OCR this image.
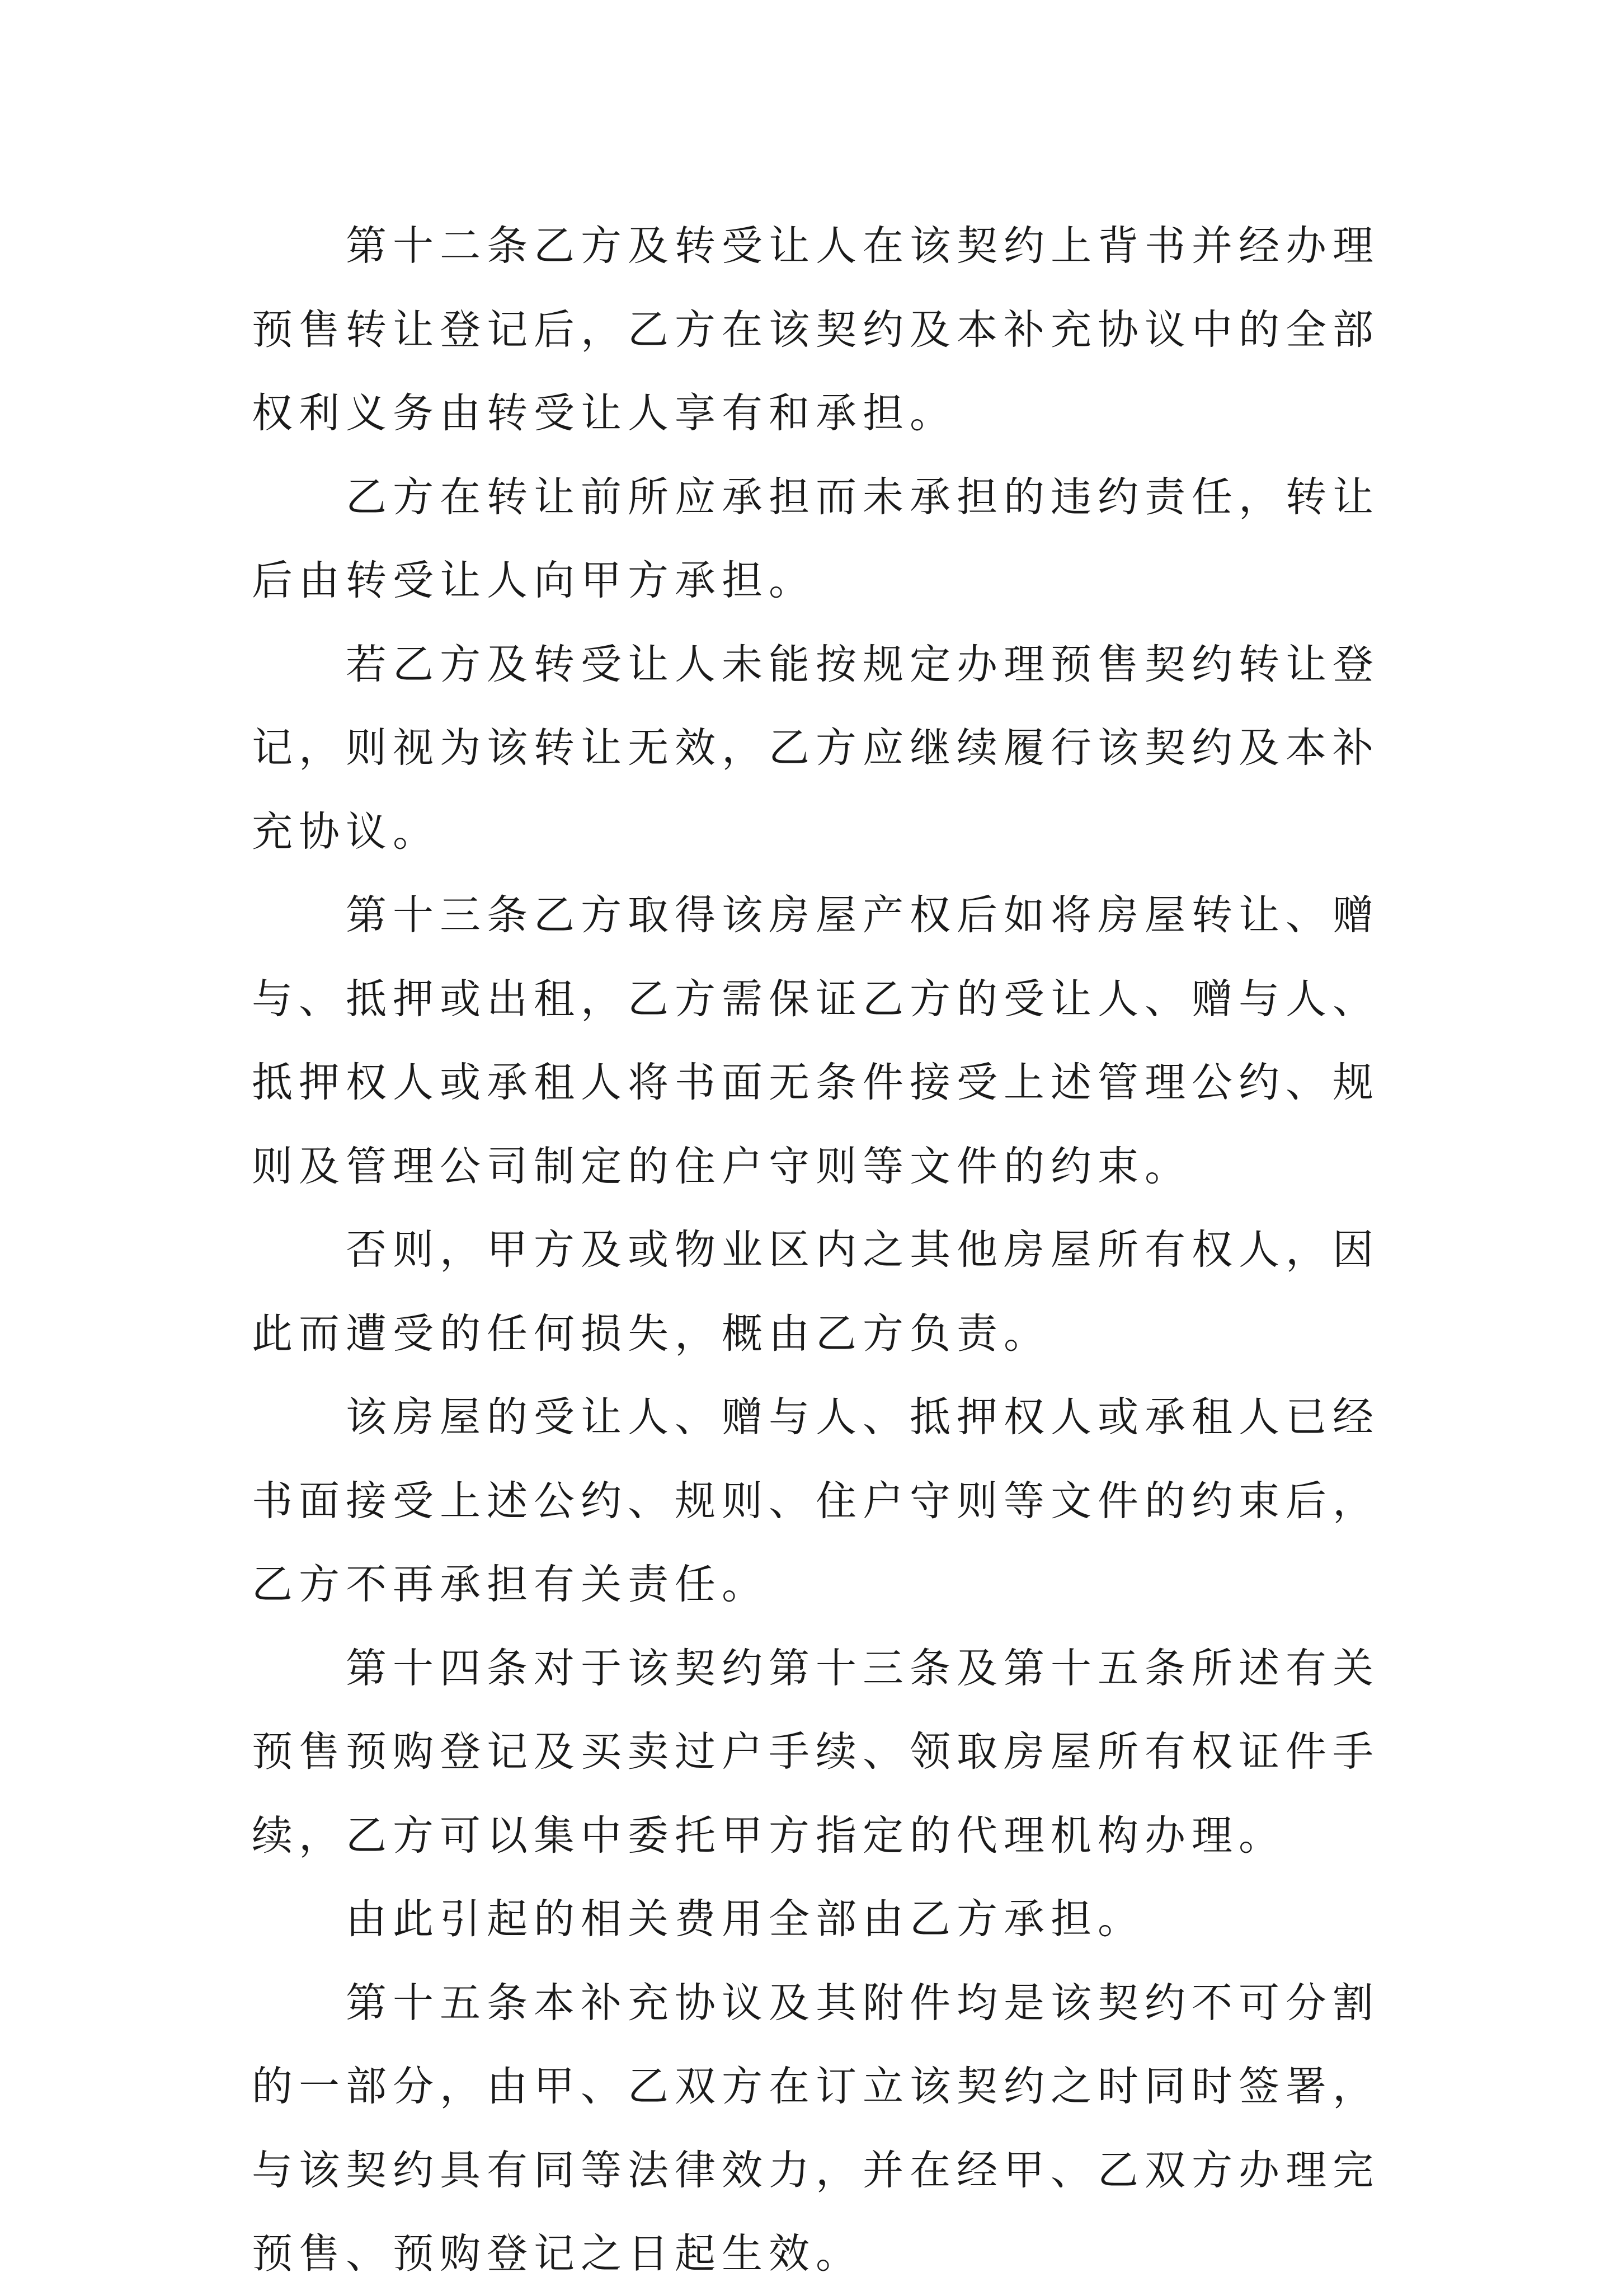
第十二条乙方及转受让人在该契约上背书并经办理预售转让登记后，乙方在该契约及本补充协议中的全部权利义务由转受让人享有和承担。

乙方在转让前所应承担而未承担的违约责任，转让后由转受让人向甲方承担。

若乙方及转受让人未能按规定办理预售契约转让登记，则视为该转让无效，乙方应继续履行该契约及本补充协议。

第十三条乙方取得该房屋产权后如将房屋转让、赠与、抵押或出租，乙方需保证乙方的受让人、赠与人、抵押权人或承租人将书面无条件接受上述管理公约、规则及管理公司制定的住户守则等文件的约束。

否则，甲方及或物业区内之其他房屋所有权人，因此而遭受的任何损失，概由乙方负责。

该房屋的受让人、赠与人、抵押权人或承租人已经书面接受上述公约、规则、住户守则等文件的约束后，乙方不再承担有关责任。

第十四条对于该契约第十三条及第十五条所述有关预售预购登记及买卖过户手续、领取房屋所有权证件手续，乙方可以集中委托甲方指定的代理机构办理。

由此引起的相关费用全部由乙方承担。

第十五条本补充协议及其附件均是该契约不可分割的一部分，由甲、乙双方在订立该契约之时同时签署，与该契约具有同等法律效力，并在经甲、乙双方办理完预售、预购登记之日起生效。
